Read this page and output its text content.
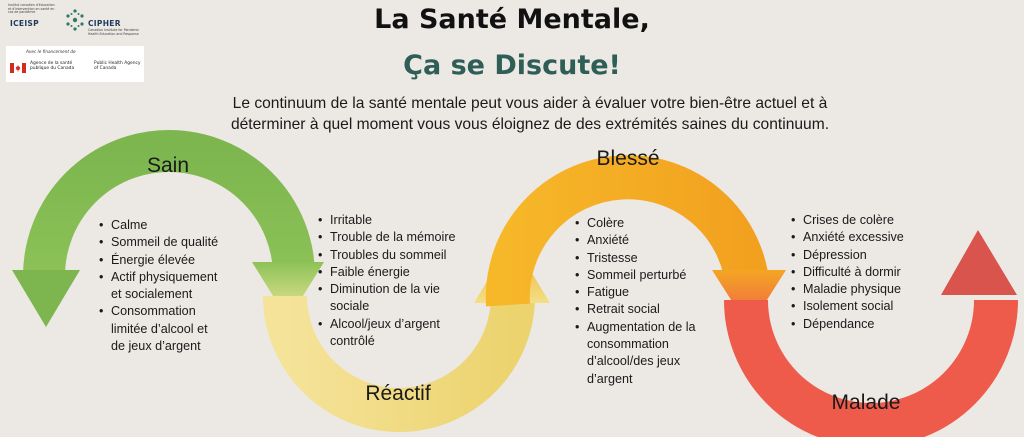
Institut canadien d'éducation et d'intervention en santé en cas de pandémie
ICEISP	CIPHER
Canadian Institute for Pandemic Health Education and Response
Avec le financement de
Agence de la santé publique du Canada
Public Health Agency of Canada
La Santé Mentale,
Ça se Discute!
Le continuum de la santé mentale peut vous aider à évaluer votre bien-être actuel et à
déterminer à quel moment vous vous éloignez de des extrémités saines du continuum.
Sain
Réactif
Blessé
Malade
• Calme
• Sommeil de qualité
• Énergie élevée
• Actif physiquement
et socialement
• Consommation
limitée d’alcool et
de jeux d’argent
• Irritable
• Trouble de la mémoire
• Troubles du sommeil
• Faible énergie
• Diminution de la vie
sociale
• Alcool/jeux d’argent
contrôlé
• Colère
• Anxiété
• Tristesse
• Sommeil perturbé
• Fatigue
• Retrait social
• Augmentation de la
consommation
d’alcool/des jeux
d’argent
• Crises de colère
• Anxiété excessive
• Dépression
• Difficulté à dormir
• Maladie physique
• Isolement social
• Dépendance
